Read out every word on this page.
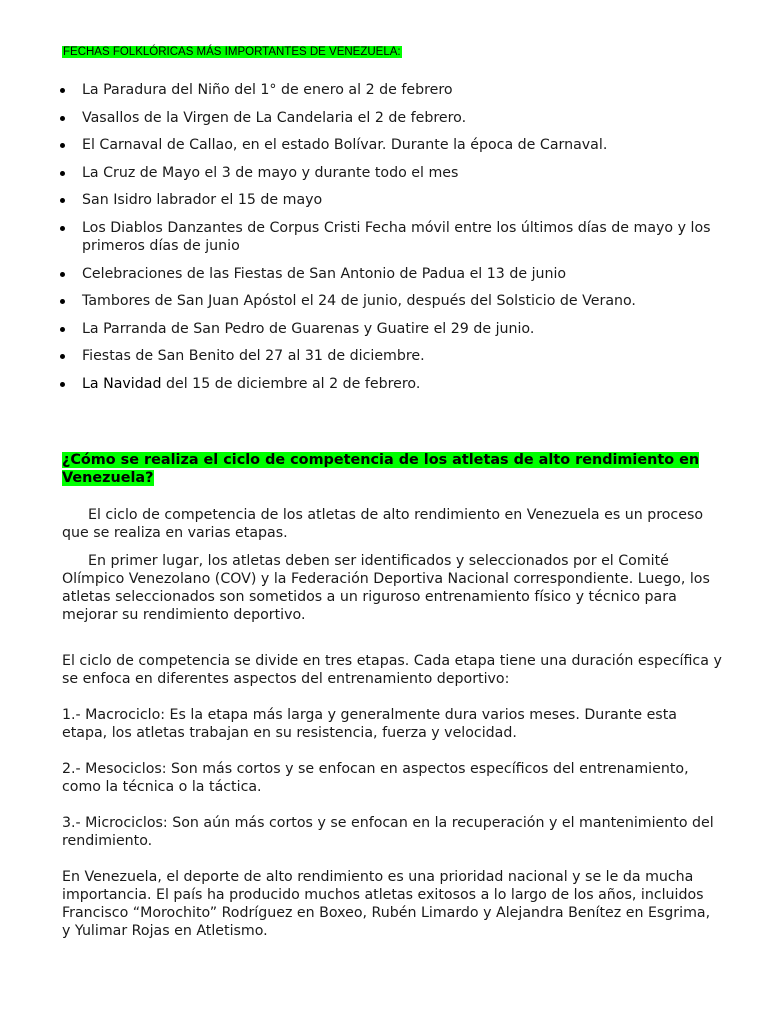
FECHAS FOLKLÓRICAS MÁS IMPORTANTES DE VENEZUELA:
La Paradura del Niño del 1° de enero al 2 de febrero
Vasallos de la Virgen de La Candelaria el 2 de febrero.
El Carnaval de Callao, en el estado Bolívar. Durante la época de Carnaval.
La Cruz de Mayo el 3 de mayo y durante todo el mes
San Isidro labrador el 15 de mayo
Los Diablos Danzantes de Corpus Cristi Fecha móvil entre los últimos días de mayo y los primeros días de junio
Celebraciones de las Fiestas de San Antonio de Padua el 13 de junio
Tambores de San Juan Apóstol el 24 de junio, después del Solsticio de Verano.
La Parranda de San Pedro de Guarenas y Guatire el 29 de junio.
Fiestas de San Benito del 27 al 31 de diciembre.
La Navidad del 15 de diciembre al 2 de febrero.
¿Cómo se realiza el ciclo de competencia de los atletas de alto rendimiento en Venezuela?

El ciclo de competencia de los atletas de alto rendimiento en Venezuela es un proceso que se realiza en varias etapas.

En primer lugar, los atletas deben ser identificados y seleccionados por el Comité Olímpico Venezolano (COV) y la Federación Deportiva Nacional correspondiente. Luego, los atletas seleccionados son sometidos a un riguroso entrenamiento físico y técnico para mejorar su rendimiento deportivo.

El ciclo de competencia se divide en tres etapas. Cada etapa tiene una duración específica y se enfoca en diferentes aspectos del entrenamiento deportivo:

1.- Macrociclo: Es la etapa más larga y generalmente dura varios meses. Durante esta etapa, los atletas trabajan en su resistencia, fuerza y velocidad.

2.- Mesociclos: Son más cortos y se enfocan en aspectos específicos del entrenamiento, como la técnica o la táctica.

3.- Microciclos: Son aún más cortos y se enfocan en la recuperación y el mantenimiento del rendimiento.

En Venezuela, el deporte de alto rendimiento es una prioridad nacional y se le da mucha importancia. El país ha producido muchos atletas exitosos a lo largo de los años, incluidos Francisco “Morochito” Rodríguez en Boxeo, Rubén Limardo y Alejandra Benítez en Esgrima, y Yulimar Rojas en Atletismo.
